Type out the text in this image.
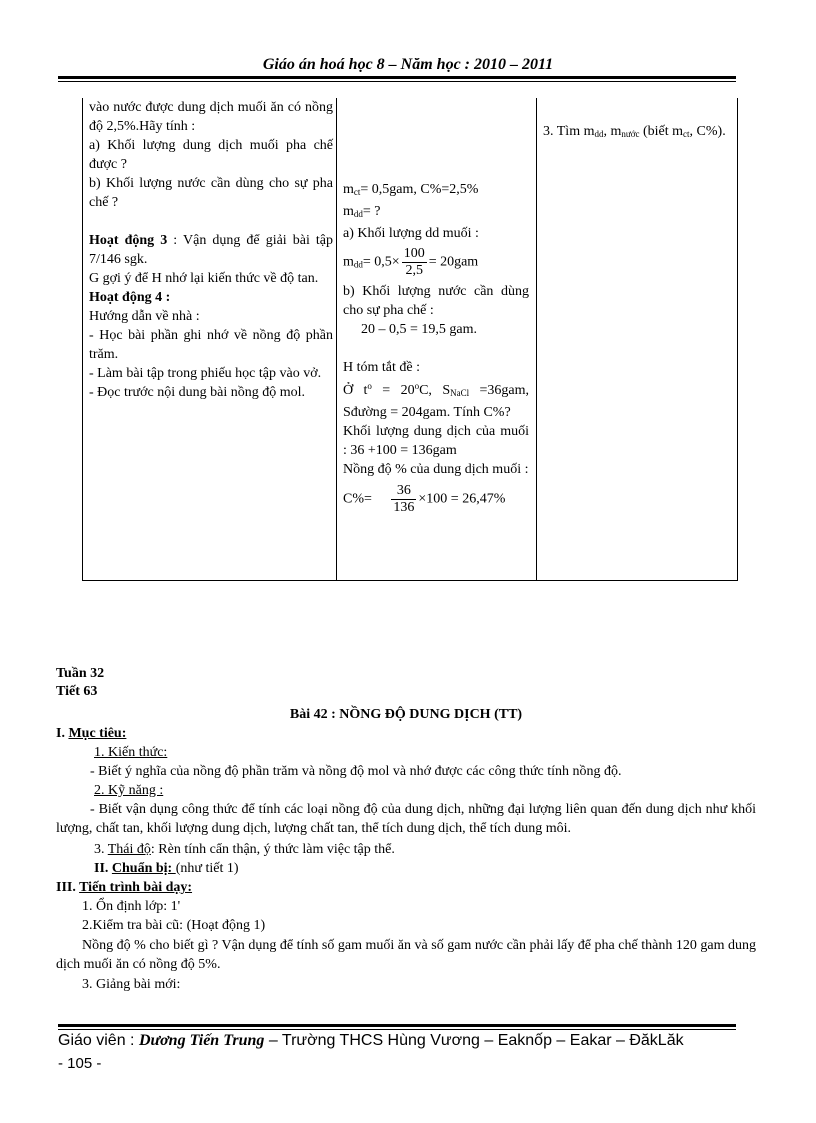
Giáo án hoá học 8 – Năm học : 2010 – 2011

vào nước được dung dịch muối ăn có nồng độ 2,5%.Hãy tính :

a) Khối lượng dung dịch muối pha chế được ?

b) Khối lượng nước cần dùng cho sự pha chế ?

Hoạt động 3 : Vận dụng để giải bài tập 7/146 sgk.

G gợi ý để H nhớ lại kiến thức về độ tan.

Hoạt động 4 :

Hướng dẫn về nhà :

- Học bài phần ghi nhớ về nồng độ phần trăm.

- Làm bài tập trong phiếu học tập vào vở.

- Đọc trước nội dung bài nồng độ mol.

$m_{ct}= 0,5gam$, C%=2,5%

$m_{dd}=$ ?

a) Khối lượng dd muối :

$m_{dd}= 0,5\times \frac{100}{2,5} = 20gam$

b) Khối lượng nước cần dùng cho sự pha chế :

20 – 0,5 = 19,5 gam.

H tóm tắt đề :

Ở $t^o = 20^oC$, $S_{NaCl} =36gam$, Sđường = 204gam. Tính C%?

Khối lượng dung dịch của muối : 36 +100 = 136gam

Nồng độ % của dung dịch muối :

$C\%= \frac{36}{136} \times 100 = 26,47\%$

3. Tìm $m_{dd}$, $m_{nước}$ (biết $m_{ct}$, C%).

Tuần 32
Tiết 63
Bài 42 : NỒNG ĐỘ DUNG DỊCH (TT)
I. Mục tiêu:
1. Kiến thức:
- Biết ý nghĩa của nồng độ phần trăm và nồng độ mol và nhớ được các công thức tính nồng độ.
2. Kỹ năng :
- Biết vận dụng công thức để tính các loại nồng độ của dung dịch, những đại lượng liên quan đến dung dịch như khối lượng, chất tan, khối lượng dung dịch, lượng chất tan, thể tích dung dịch, thể tích dung môi.
3. Thái độ: Rèn tính cẩn thận, ý thức làm việc tập thể.
II. Chuẩn bị: (như tiết 1)
III. Tiến trình bài dạy:
1. Ổn định lớp: 1'
2.Kiểm tra bài cũ: (Hoạt động 1)
Nồng độ % cho biết gì ? Vận dụng để tính số gam muối ăn và số gam nước cần phải lấy để pha chế thành 120 gam dung dịch muối ăn có nồng độ 5%.
3. Giảng bài mới:
Giáo viên : Dương Tiến Trung – Trường THCS Hùng Vương – Eaknốp – Eakar – ĐăkLăk
- 105 -
